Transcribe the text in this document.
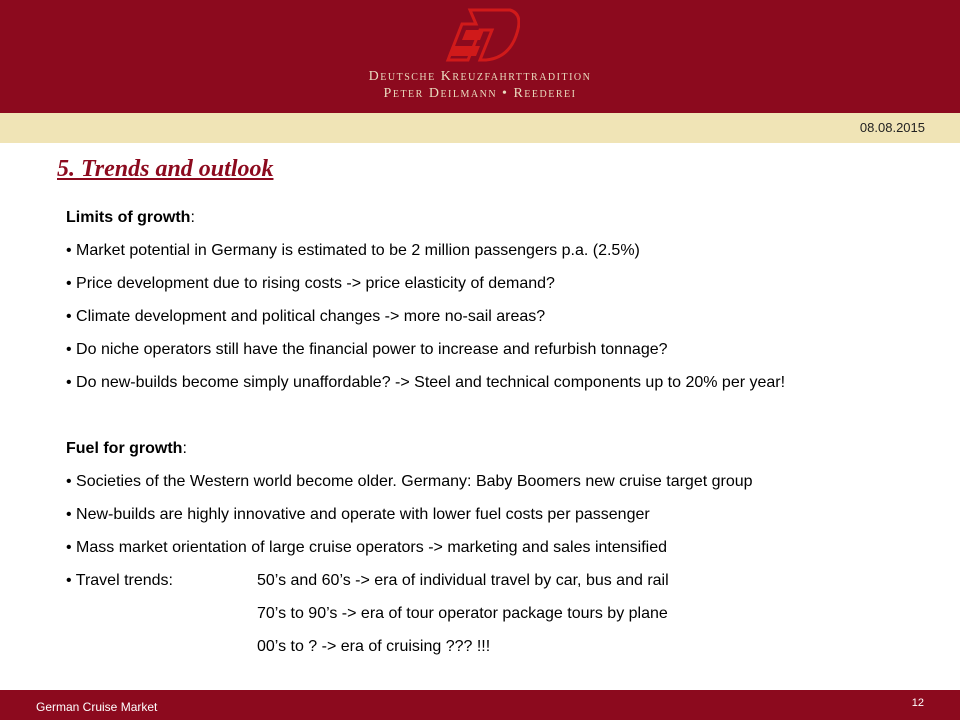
Deutsche Kreuzfahrttradition
Peter Deilmann • Reederei
08.08.2015
5. Trends and outlook
Limits of growth:
• Market potential in Germany is estimated to be 2 million passengers p.a. (2.5%)
• Price development due to rising costs -> price elasticity of demand?
• Climate development and political changes -> more no-sail areas?
• Do niche operators still have the financial power to increase and refurbish tonnage?
• Do new-builds become simply unaffordable? -> Steel and technical components up to 20% per year!
Fuel for growth:
• Societies of the Western world become older. Germany: Baby Boomers new cruise target group
• New-builds are highly innovative and operate with lower fuel costs per passenger
• Mass market orientation of large cruise operators -> marketing and sales intensified
• Travel trends:	50’s and 60’s -> era of individual travel by car, bus and rail
70’s to 90’s -> era of tour operator package tours by plane
00’s to ? -> era of cruising ??? !!!
German Cruise Market	12
